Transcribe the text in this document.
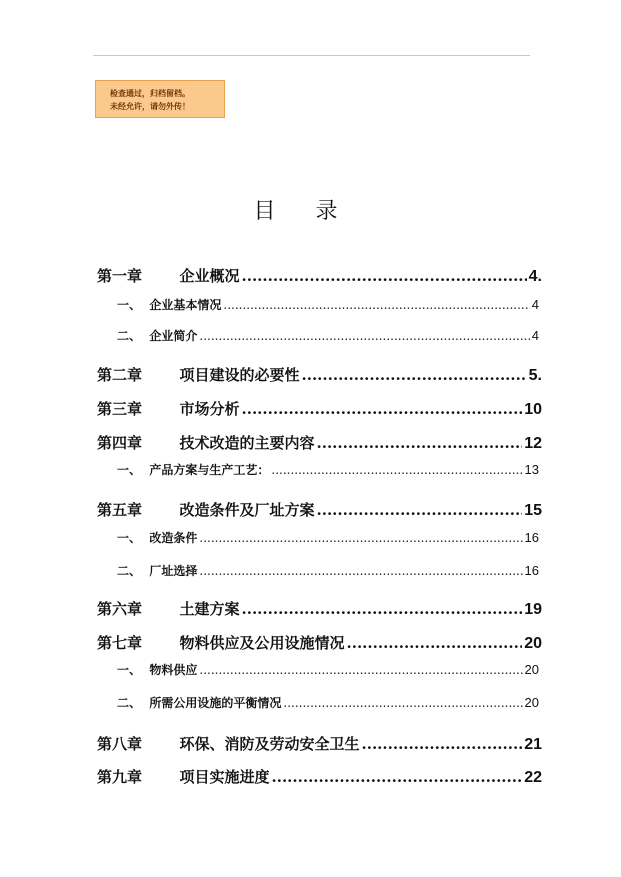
检查通过，归档留档。
未经允许，请勿外传！
目录
第一章 企业概况 .....	4.
一、 企业基本情况 .....	4
二、 企业简介 .....	4
第二章 项目建设的必要性 .....	5.
第三章 市场分析 .....	10
第四章 技术改造的主要内容 .....	12
一、 产品方案与生产工艺： .....	13
第五章 改造条件及厂址方案 .....	15
一、 改造条件 .....	16
二、 厂址选择 .....	16
第六章 土建方案 .....	19
第七章 物料供应及公用设施情况 .....	20
一、 物料供应 .....	20
二、 所需公用设施的平衡情况 .....	20
第八章 环保、消防及劳动安全卫生 .....	21
第九章 项目实施进度 .....	22
